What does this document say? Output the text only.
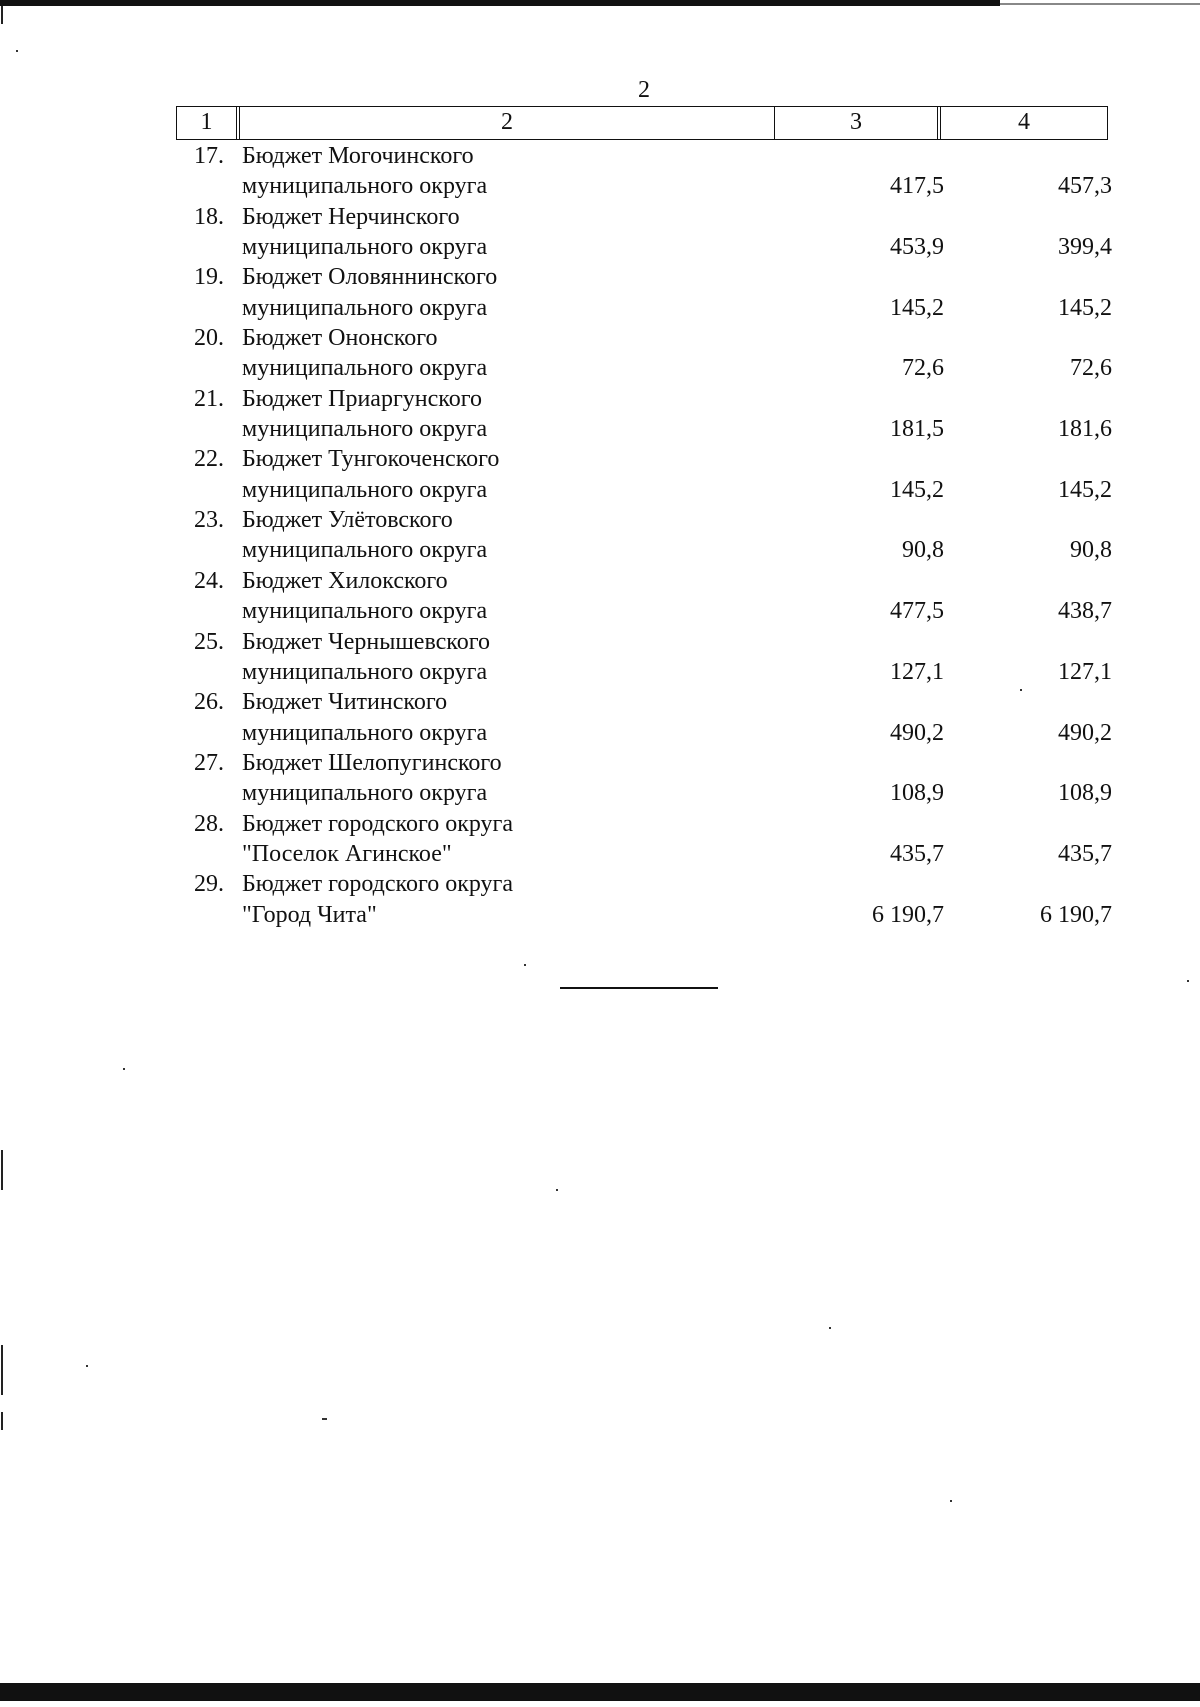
2
1	2	3	4
17. Бюджет Могочинского
муниципального округа	417,5	457,3
18. Бюджет Нерчинского
муниципального округа	453,9	399,4
19. Бюджет Оловяннинского
муниципального округа	145,2	145,2
20. Бюджет Ононского
муниципального округа	72,6	72,6
21. Бюджет Приаргунского
муниципального округа	181,5	181,6
22. Бюджет Тунгокоченского
муниципального округа	145,2	145,2
23. Бюджет Улётовского
муниципального округа	90,8	90,8
24. Бюджет Хилокского
муниципального округа	477,5	438,7
25. Бюджет Чернышевского
муниципального округа	127,1	127,1
26. Бюджет Читинского
муниципального округа	490,2	490,2
27. Бюджет Шелопугинского
муниципального округа	108,9	108,9
28. Бюджет городского округа
"Поселок Агинское"	435,7	435,7
29. Бюджет городского округа
"Город Чита"	6 190,7	6 190,7
